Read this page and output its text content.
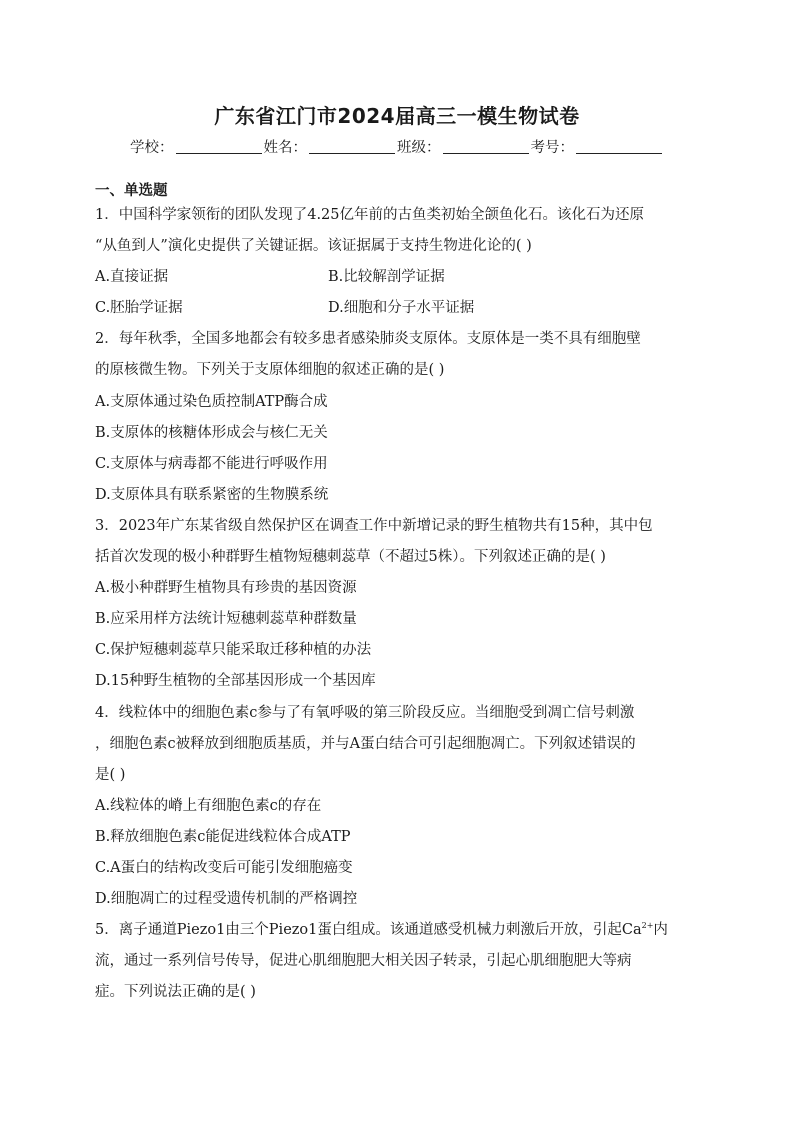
广东省江门市2024届高三一模生物试卷
学校：	姓名：	班级：	考号：
一、单选题
1．中国科学家领衔的团队发现了4.25亿年前的古鱼类初始全颌鱼化石。该化石为还原
“从鱼到人”演化史提供了关键证据。该证据属于支持生物进化论的( )
A.直接证据	B.比较解剖学证据
C.胚胎学证据	D.细胞和分子水平证据
2．每年秋季，全国多地都会有较多患者感染肺炎支原体。支原体是一类不具有细胞壁
的原核微生物。下列关于支原体细胞的叙述正确的是( )
A.支原体通过染色质控制ATP酶合成
B.支原体的核糖体形成会与核仁无关
C.支原体与病毒都不能进行呼吸作用
D.支原体具有联系紧密的生物膜系统
3．2023年广东某省级自然保护区在调查工作中新增记录的野生植物共有15种，其中包
括首次发现的极小种群野生植物短穗刺蕊草（不超过5株）。下列叙述正确的是( )
A.极小种群野生植物具有珍贵的基因资源
B.应采用样方法统计短穗刺蕊草种群数量
C.保护短穗刺蕊草只能采取迁移种植的办法
D.15种野生植物的全部基因形成一个基因库
4．线粒体中的细胞色素c参与了有氧呼吸的第三阶段反应。当细胞受到凋亡信号刺激
，细胞色素c被释放到细胞质基质，并与A蛋白结合可引起细胞凋亡。下列叙述错误的
是( )
A.线粒体的嵴上有细胞色素c的存在
B.释放细胞色素c能促进线粒体合成ATP
C.A蛋白的结构改变后可能引发细胞癌变
D.细胞凋亡的过程受遗传机制的严格调控
5．离子通道Piezo1由三个Piezo1蛋白组成。该通道感受机械力刺激后开放，引起$Ca^{2+}$内
流，通过一系列信号传导，促进心肌细胞肥大相关因子转录，引起心肌细胞肥大等病
症。下列说法正确的是( )
